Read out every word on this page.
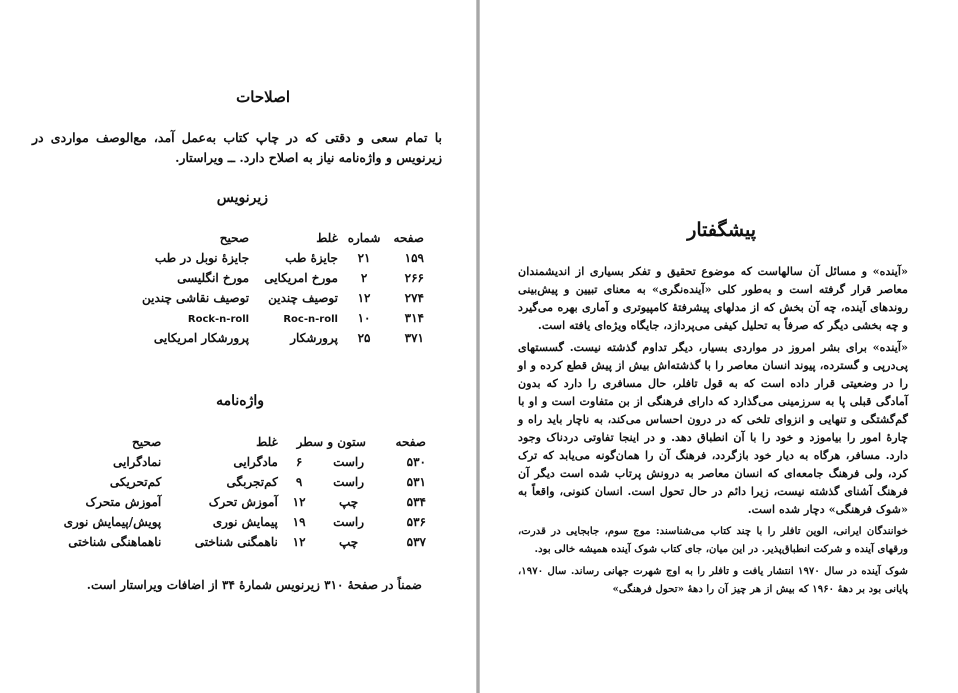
اصلاحات
با تمام سعی و دقتی که در چاپ کتاب به‌عمل آمد، مع‌الوصف مواردی در زیرنویس و واژه‌نامه نیاز به اصلاح دارد. ــ ویراستار.
زیرنویس
صفحه	شماره	غلط	صحیح
۱۵۹	۲۱	جایزهٔ طب	جایزهٔ نوبل در طب
۲۶۶	۲	مورخ امریکایی	مورخ انگلیسی
۲۷۴	۱۲	توصیف چندین	توصیف نقاشی چندین
۳۱۴	۱۰	Roc-n-roll	Rock-n-roll
۳۷۱	۲۵	پرورشکار	پرورشکار امریکایی
واژه‌نامه
صفحه	ستون و سطر		غلط	صحیح
۵۳۰	راست	۶	مادگرایی	نمادگرایی
۵۳۱	راست	۹	کم‌تجربگی	کم‌تحریکی
۵۳۴	چپ	۱۲	آموزش تحرک	آموزش متحرک
۵۳۶	راست	۱۹	پیمایش نوری	پویش/پیمایش نوری
۵۳۷	چپ	۱۲	ناهمگنی شناختی	ناهماهنگی شناختی
ضمناً در صفحهٔ ۳۱۰ زیرنویس شمارهٔ ۳۴ از اضافات ویراستار است.
پیشگفتار

«آینده» و مسائل آن سالهاست که موضوع تحقیق و تفکر بسیاری از اندیشمندان معاصر قرار گرفته است و به‌طور کلی «آینده‌نگری» به معنای تبیین و پیش‌بینی روندهای آینده، چه آن بخش که از مدلهای پیشرفتهٔ کامپیوتری و آماری بهره می‌گیرد و چه بخشی دیگر که صرفاً به تحلیل کیفی می‌پردازد، جایگاه ویژه‌ای یافته است.

«آینده» برای بشر امروز در مواردی بسیار، دیگر تداوم گذشته نیست. گسستهای پی‌درپی و گسترده، پیوند انسان معاصر را با گذشته‌اش بیش از پیش قطع کرده و او را در وضعیتی قرار داده است که به قول تافلر، حال مسافری را دارد که بدون آمادگی قبلی پا به سرزمینی می‌گذارد که دارای فرهنگی از بن متفاوت است و او با گم‌گشتگی و تنهایی و انزوای تلخی که در درون احساس می‌کند، به ناچار باید راه و چارهٔ امور را بیاموزد و خود را با آن انطباق دهد. و در اینجا تفاوتی دردناک وجود دارد. مسافر، هرگاه به دیار خود بازگردد، فرهنگ آن را همان‌گونه می‌یابد که ترک کرد، ولی فرهنگ جامعه‌ای که انسان معاصر به درونش پرتاب شده است دیگر آن فرهنگ آشنای گذشته نیست، زیرا دائم در حال تحول است. انسان کنونی، واقعاً به «شوک فرهنگی» دچار شده است.

خوانندگان ایرانی، الوین تافلر را با چند کتاب می‌شناسند: موج سوم، جابجایی در قدرت، ورقهای آینده و شرکت انطباق‌پذیر. در این میان، جای کتاب شوک آینده همیشه خالی بود.

شوک آینده در سال ۱۹۷۰ انتشار یافت و تافلر را به اوج شهرت جهانی رساند. سال ۱۹۷۰، پایانی بود بر دههٔ ۱۹۶۰ که بیش از هر چیز آن را دههٔ «تحول فرهنگی»
